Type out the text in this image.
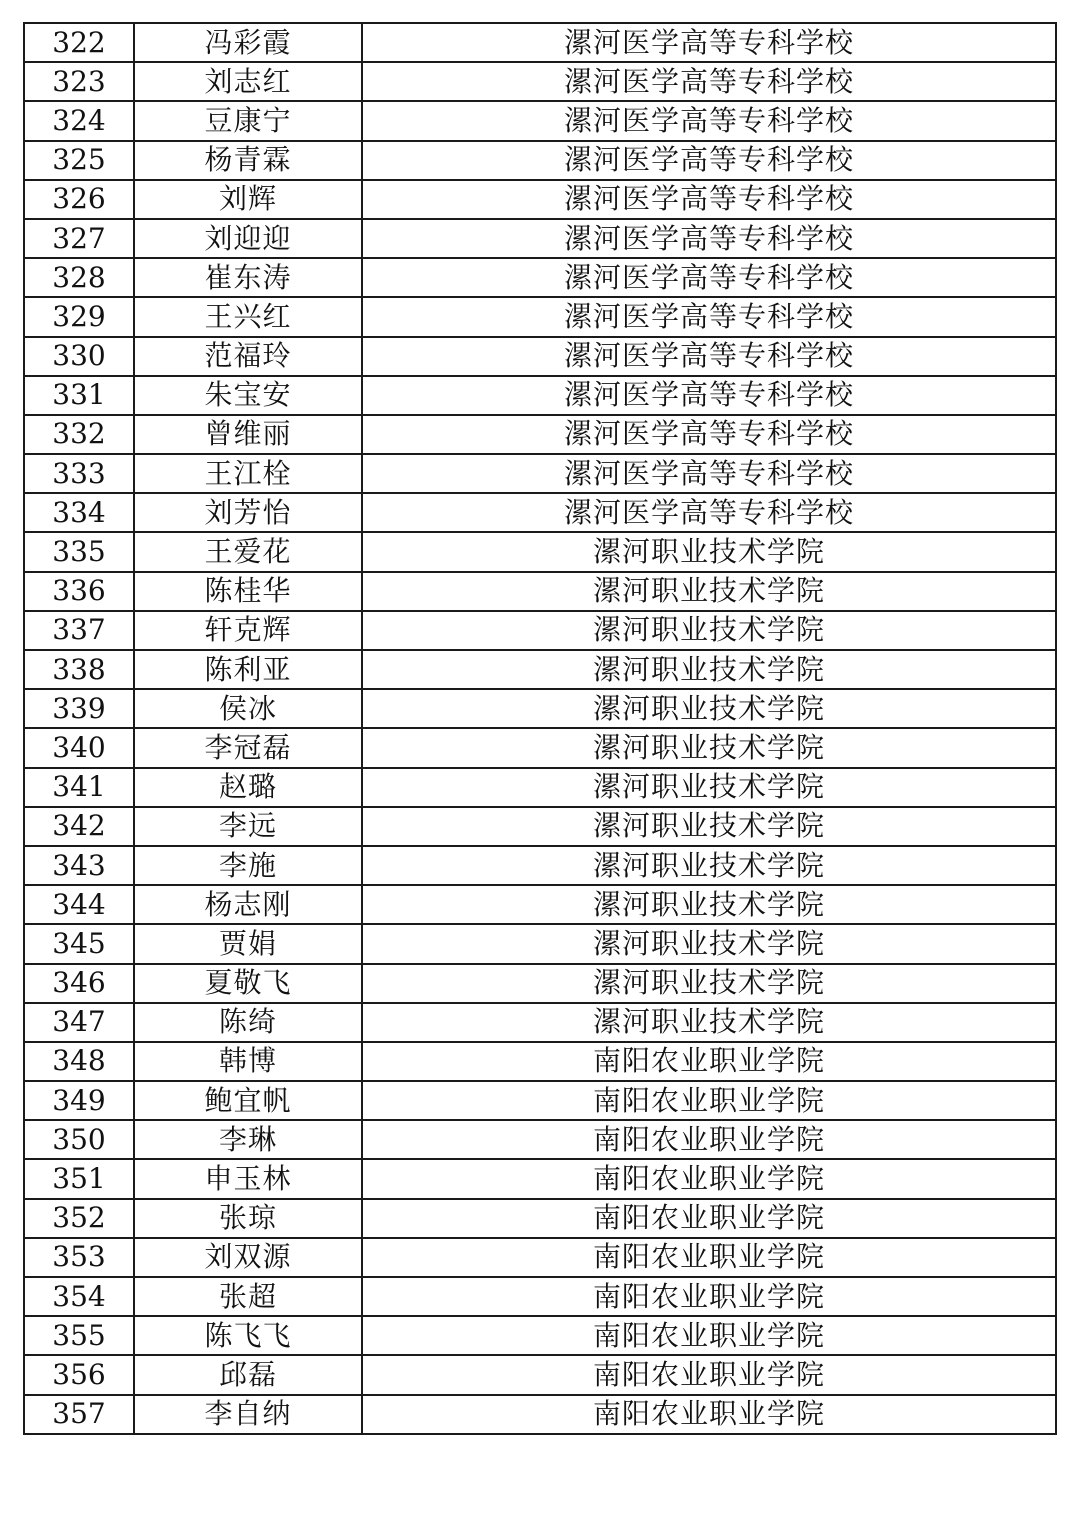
322	冯彩霞	漯河医学高等专科学校
323	刘志红	漯河医学高等专科学校
324	豆康宁	漯河医学高等专科学校
325	杨青霖	漯河医学高等专科学校
326	刘辉	漯河医学高等专科学校
327	刘迎迎	漯河医学高等专科学校
328	崔东涛	漯河医学高等专科学校
329	王兴红	漯河医学高等专科学校
330	范福玲	漯河医学高等专科学校
331	朱宝安	漯河医学高等专科学校
332	曾维丽	漯河医学高等专科学校
333	王江栓	漯河医学高等专科学校
334	刘芳怡	漯河医学高等专科学校
335	王爱花	漯河职业技术学院
336	陈桂华	漯河职业技术学院
337	轩克辉	漯河职业技术学院
338	陈利亚	漯河职业技术学院
339	侯冰	漯河职业技术学院
340	李冠磊	漯河职业技术学院
341	赵璐	漯河职业技术学院
342	李远	漯河职业技术学院
343	李施	漯河职业技术学院
344	杨志刚	漯河职业技术学院
345	贾娟	漯河职业技术学院
346	夏敬飞	漯河职业技术学院
347	陈绮	漯河职业技术学院
348	韩博	南阳农业职业学院
349	鲍宜帆	南阳农业职业学院
350	李琳	南阳农业职业学院
351	申玉林	南阳农业职业学院
352	张琼	南阳农业职业学院
353	刘双源	南阳农业职业学院
354	张超	南阳农业职业学院
355	陈飞飞	南阳农业职业学院
356	邱磊	南阳农业职业学院
357	李自纳	南阳农业职业学院
